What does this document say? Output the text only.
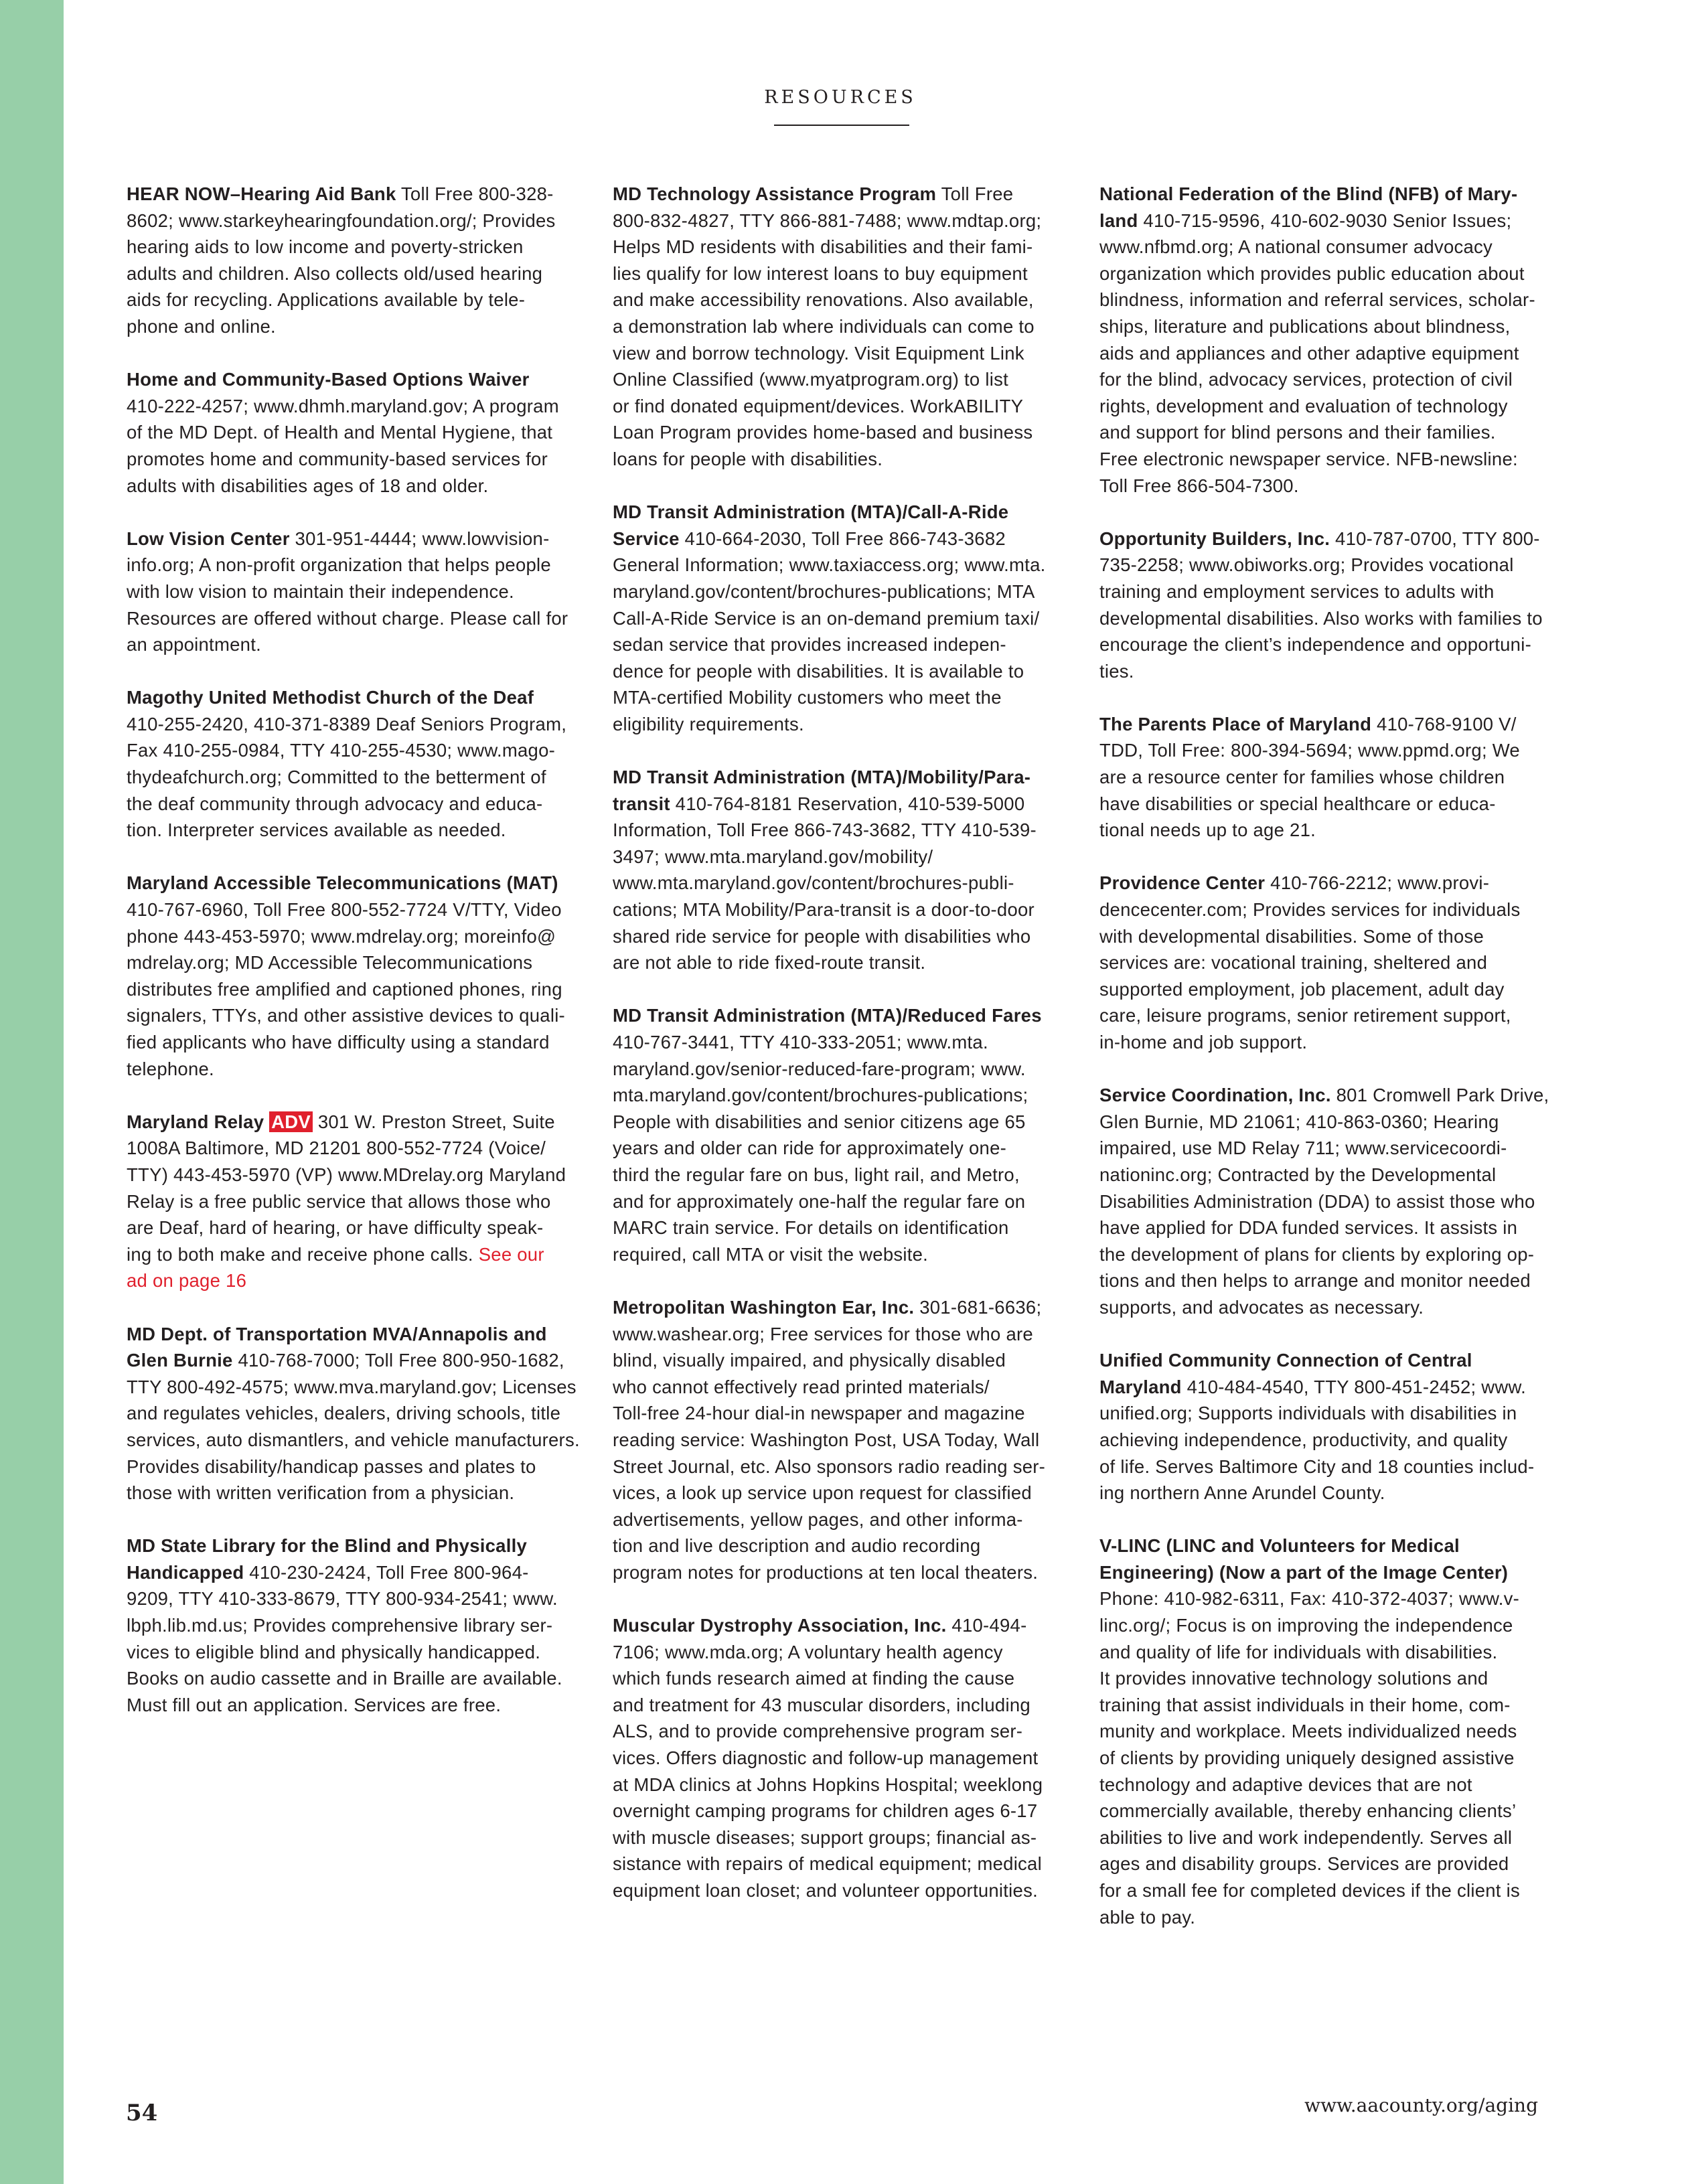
RESOURCES

HEAR NOW–Hearing Aid Bank Toll Free 800-328-
8602; www.starkeyhearingfoundation.org/; Provides
hearing aids to low income and poverty-stricken
adults and children. Also collects old/used hearing
aids for recycling. Applications available by tele-
phone and online.

Home and Community-Based Options Waiver
410-222-4257; www.dhmh.maryland.gov; A program
of the MD Dept. of Health and Mental Hygiene, that
promotes home and community-based services for
adults with disabilities ages of 18 and older.

Low Vision Center 301-951-4444; www.lowvision-
info.org; A non-profit organization that helps people
with low vision to maintain their independence.
Resources are offered without charge. Please call for
an appointment.

Magothy United Methodist Church of the Deaf
410-255-2420, 410-371-8389 Deaf Seniors Program,
Fax 410-255-0984, TTY 410-255-4530; www.mago-
thydeafchurch.org; Committed to the betterment of
the deaf community through advocacy and educa-
tion. Interpreter services available as needed.

Maryland Accessible Telecommunications (MAT)
410-767-6960, Toll Free 800-552-7724 V/TTY, Video
phone 443-453-5970; www.mdrelay.org; moreinfo@
mdrelay.org; MD Accessible Telecommunications
distributes free amplified and captioned phones, ring
signalers, TTYs, and other assistive devices to quali-
fied applicants who have difficulty using a standard
telephone.

Maryland Relay ADV 301 W. Preston Street, Suite
1008A Baltimore, MD 21201 800-552-7724 (Voice/
TTY) 443-453-5970 (VP) www.MDrelay.org Maryland
Relay is a free public service that allows those who
are Deaf, hard of hearing, or have difficulty speak-
ing to both make and receive phone calls. See our
ad on page 16

MD Dept. of Transportation MVA/Annapolis and
Glen Burnie 410-768-7000; Toll Free 800-950-1682,
TTY 800-492-4575; www.mva.maryland.gov; Licenses
and regulates vehicles, dealers, driving schools, title
services, auto dismantlers, and vehicle manufacturers.
Provides disability/handicap passes and plates to
those with written verification from a physician.

MD State Library for the Blind and Physically
Handicapped 410-230-2424, Toll Free 800-964-
9209, TTY 410-333-8679, TTY 800-934-2541; www.
lbph.lib.md.us; Provides comprehensive library ser-
vices to eligible blind and physically handicapped.
Books on audio cassette and in Braille are available.
Must fill out an application. Services are free.

MD Technology Assistance Program Toll Free
800-832-4827, TTY 866-881-7488; www.mdtap.org;
Helps MD residents with disabilities and their fami-
lies qualify for low interest loans to buy equipment
and make accessibility renovations. Also available,
a demonstration lab where individuals can come to
view and borrow technology. Visit Equipment Link
Online Classified (www.myatprogram.org) to list
or find donated equipment/devices. WorkABILITY
Loan Program provides home-based and business
loans for people with disabilities.

MD Transit Administration (MTA)/Call-A-Ride
Service 410-664-2030, Toll Free 866-743-3682
General Information; www.taxiaccess.org; www.mta.
maryland.gov/content/brochures-publications; MTA
Call-A-Ride Service is an on-demand premium taxi/
sedan service that provides increased indepen-
dence for people with disabilities. It is available to
MTA-certified Mobility customers who meet the
eligibility requirements.

MD Transit Administration (MTA)/Mobility/Para-
transit 410-764-8181 Reservation, 410-539-5000
Information, Toll Free 866-743-3682, TTY 410-539-
3497; www.mta.maryland.gov/mobility/
www.mta.maryland.gov/content/brochures-publi-
cations; MTA Mobility/Para-transit is a door-to-door
shared ride service for people with disabilities who
are not able to ride fixed-route transit.

MD Transit Administration (MTA)/Reduced Fares
410-767-3441, TTY 410-333-2051; www.mta.
maryland.gov/senior-reduced-fare-program; www.
mta.maryland.gov/content/brochures-publications;
People with disabilities and senior citizens age 65
years and older can ride for approximately one-
third the regular fare on bus, light rail, and Metro,
and for approximately one-half the regular fare on
MARC train service. For details on identification
required, call MTA or visit the website.

Metropolitan Washington Ear, Inc. 301-681-6636;
www.washear.org; Free services for those who are
blind, visually impaired, and physically disabled
who cannot effectively read printed materials/
Toll-free 24-hour dial-in newspaper and magazine
reading service: Washington Post, USA Today, Wall
Street Journal, etc. Also sponsors radio reading ser-
vices, a look up service upon request for classified
advertisements, yellow pages, and other informa-
tion and live description and audio recording
program notes for productions at ten local theaters.

Muscular Dystrophy Association, Inc. 410-494-
7106; www.mda.org; A voluntary health agency
which funds research aimed at finding the cause
and treatment for 43 muscular disorders, including
ALS, and to provide comprehensive program ser-
vices. Offers diagnostic and follow-up management
at MDA clinics at Johns Hopkins Hospital; weeklong
overnight camping programs for children ages 6-17
with muscle diseases; support groups; financial as-
sistance with repairs of medical equipment; medical
equipment loan closet; and volunteer opportunities.

National Federation of the Blind (NFB) of Mary-
land 410-715-9596, 410-602-9030 Senior Issues;
www.nfbmd.org; A national consumer advocacy
organization which provides public education about
blindness, information and referral services, scholar-
ships, literature and publications about blindness,
aids and appliances and other adaptive equipment
for the blind, advocacy services, protection of civil
rights, development and evaluation of technology
and support for blind persons and their families.
Free electronic newspaper service. NFB-newsline:
Toll Free 866-504-7300.

Opportunity Builders, Inc. 410-787-0700, TTY 800-
735-2258; www.obiworks.org; Provides vocational
training and employment services to adults with
developmental disabilities. Also works with families to
encourage the client’s independence and opportuni-
ties.

The Parents Place of Maryland 410-768-9100 V/
TDD, Toll Free: 800-394-5694; www.ppmd.org; We
are a resource center for families whose children
have disabilities or special healthcare or educa-
tional needs up to age 21.

Providence Center 410-766-2212; www.provi-
dencecenter.com; Provides services for individuals
with developmental disabilities. Some of those
services are: vocational training, sheltered and
supported employment, job placement, adult day
care, leisure programs, senior retirement support,
in-home and job support.

Service Coordination, Inc. 801 Cromwell Park Drive,
Glen Burnie, MD 21061; 410-863-0360; Hearing
impaired, use MD Relay 711; www.servicecoordi-
nationinc.org; Contracted by the Developmental
Disabilities Administration (DDA) to assist those who
have applied for DDA funded services. It assists in
the development of plans for clients by exploring op-
tions and then helps to arrange and monitor needed
supports, and advocates as necessary.

Unified Community Connection of Central
Maryland 410-484-4540, TTY 800-451-2452; www.
unified.org; Supports individuals with disabilities in
achieving independence, productivity, and quality
of life. Serves Baltimore City and 18 counties includ-
ing northern Anne Arundel County.

V-LINC (LINC and Volunteers for Medical
Engineering) (Now a part of the Image Center)
Phone: 410-982-6311, Fax: 410-372-4037; www.v-
linc.org/; Focus is on improving the independence
and quality of life for individuals with disabilities.
It provides innovative technology solutions and
training that assist individuals in their home, com-
munity and workplace. Meets individualized needs
of clients by providing uniquely designed assistive
technology and adaptive devices that are not
commercially available, thereby enhancing clients’
abilities to live and work independently. Serves all
ages and disability groups. Services are provided
for a small fee for completed devices if the client is
able to pay.

54	www.aacounty.org/aging
